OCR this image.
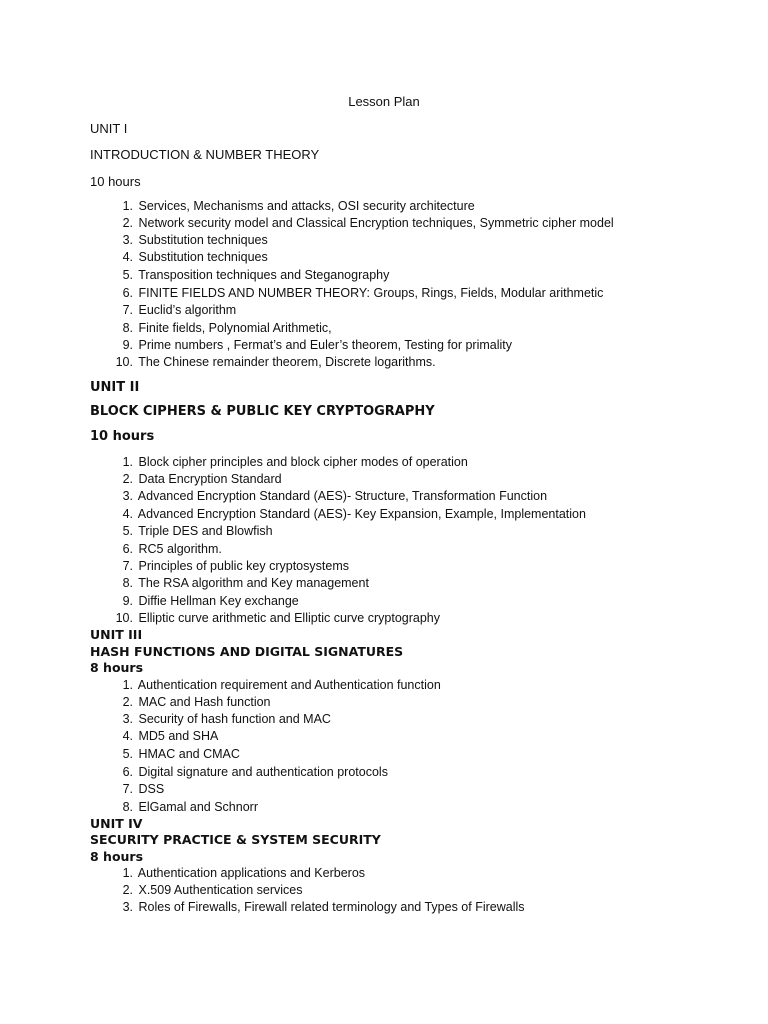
Lesson Plan
UNIT I
INTRODUCTION & NUMBER THEORY
10 hours
1. Services, Mechanisms and attacks, OSI security architecture
2. Network security model and Classical Encryption techniques, Symmetric cipher model
3. Substitution techniques
4. Substitution techniques
5. Transposition techniques and Steganography
6. FINITE FIELDS AND NUMBER THEORY: Groups, Rings, Fields, Modular arithmetic
7. Euclid’s algorithm
8. Finite fields, Polynomial Arithmetic,
9. Prime numbers , Fermat’s and Euler’s theorem, Testing for primality
10. The Chinese remainder theorem, Discrete logarithms.
UNIT II
BLOCK CIPHERS & PUBLIC KEY CRYPTOGRAPHY
10 hours
1. Block cipher principles and block cipher modes of operation
2. Data Encryption Standard
3. Advanced Encryption Standard (AES)- Structure, Transformation Function
4. Advanced Encryption Standard (AES)- Key Expansion, Example, Implementation
5. Triple DES and Blowfish
6. RC5 algorithm.
7. Principles of public key cryptosystems
8. The RSA algorithm and Key management
9. Diffie Hellman Key exchange
10. Elliptic curve arithmetic and Elliptic curve cryptography
UNIT III
HASH FUNCTIONS AND DIGITAL SIGNATURES
8 hours
1. Authentication requirement and Authentication function
2. MAC and Hash function
3. Security of hash function and MAC
4. MD5 and SHA
5. HMAC and CMAC
6. Digital signature and authentication protocols
7. DSS
8. ElGamal and Schnorr
UNIT IV
SECURITY PRACTICE & SYSTEM SECURITY
8 hours
1. Authentication applications and Kerberos
2. X.509 Authentication services
3. Roles of Firewalls, Firewall related terminology and Types of Firewalls
